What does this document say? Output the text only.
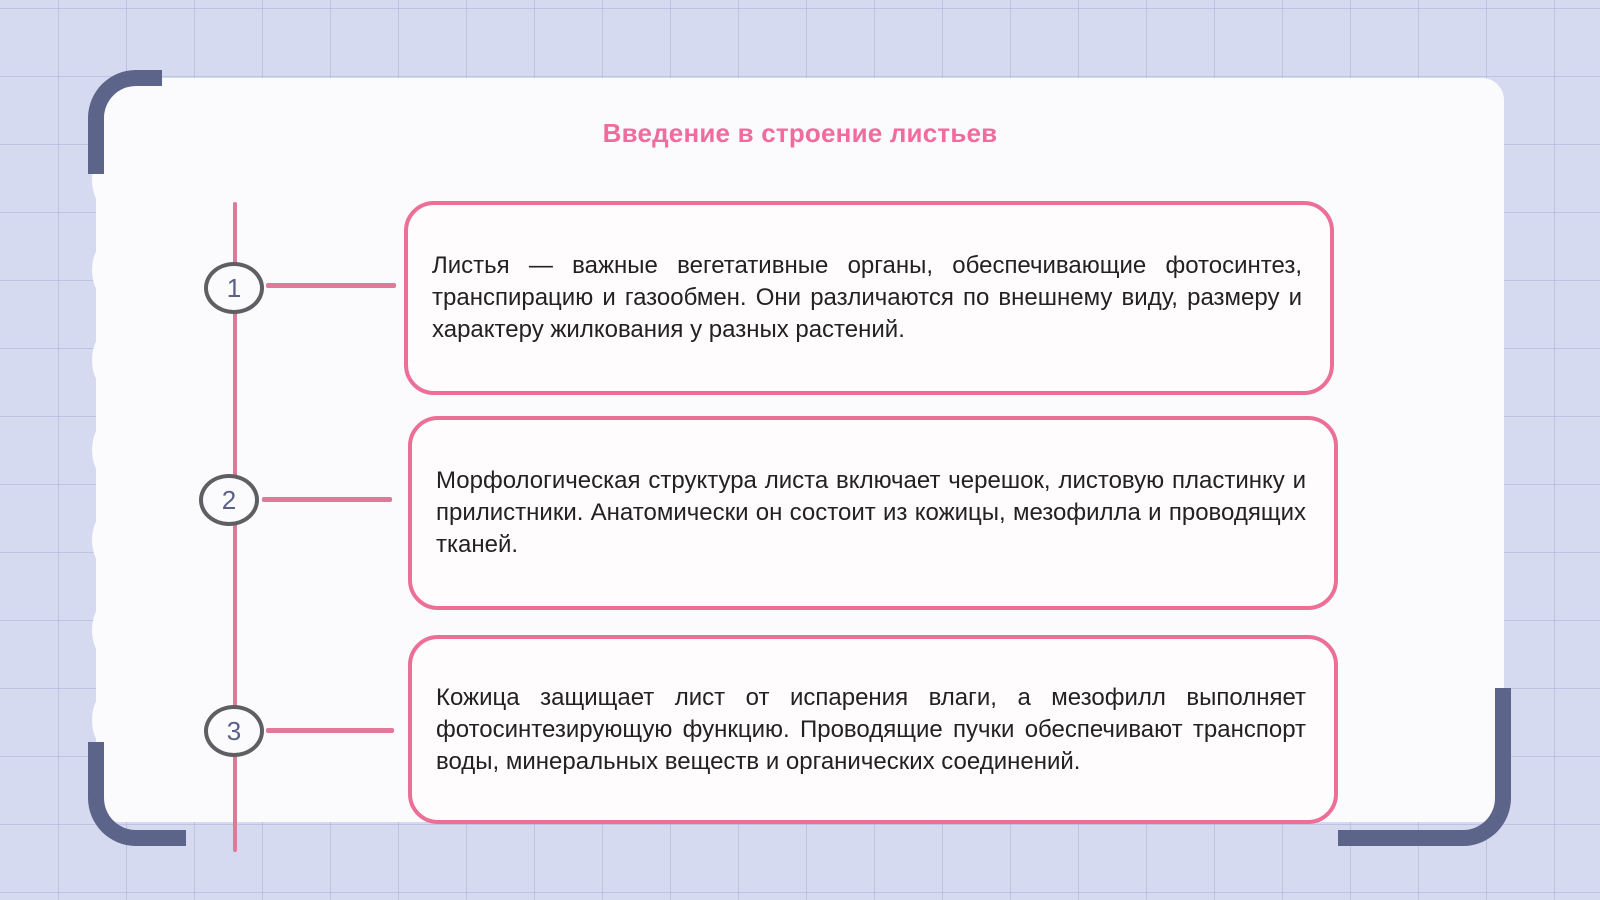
Введение в строение листьев
1
2
3

Листья — важные вегетативные органы, обеспечивающие фотосинтез, транспирацию и газообмен. Они различаются по внешнему виду, размеру и характеру жилкования у разных растений.

Морфологическая структура листа включает черешок, листовую пластинку и прилистники. Анатомически он состоит из кожицы, мезофилла и проводящих тканей.

Кожица защищает лист от испарения влаги, а мезофилл выполняет фотосинтезирующую функцию. Проводящие пучки обеспечивают транспорт воды, минеральных веществ и органических соединений.
